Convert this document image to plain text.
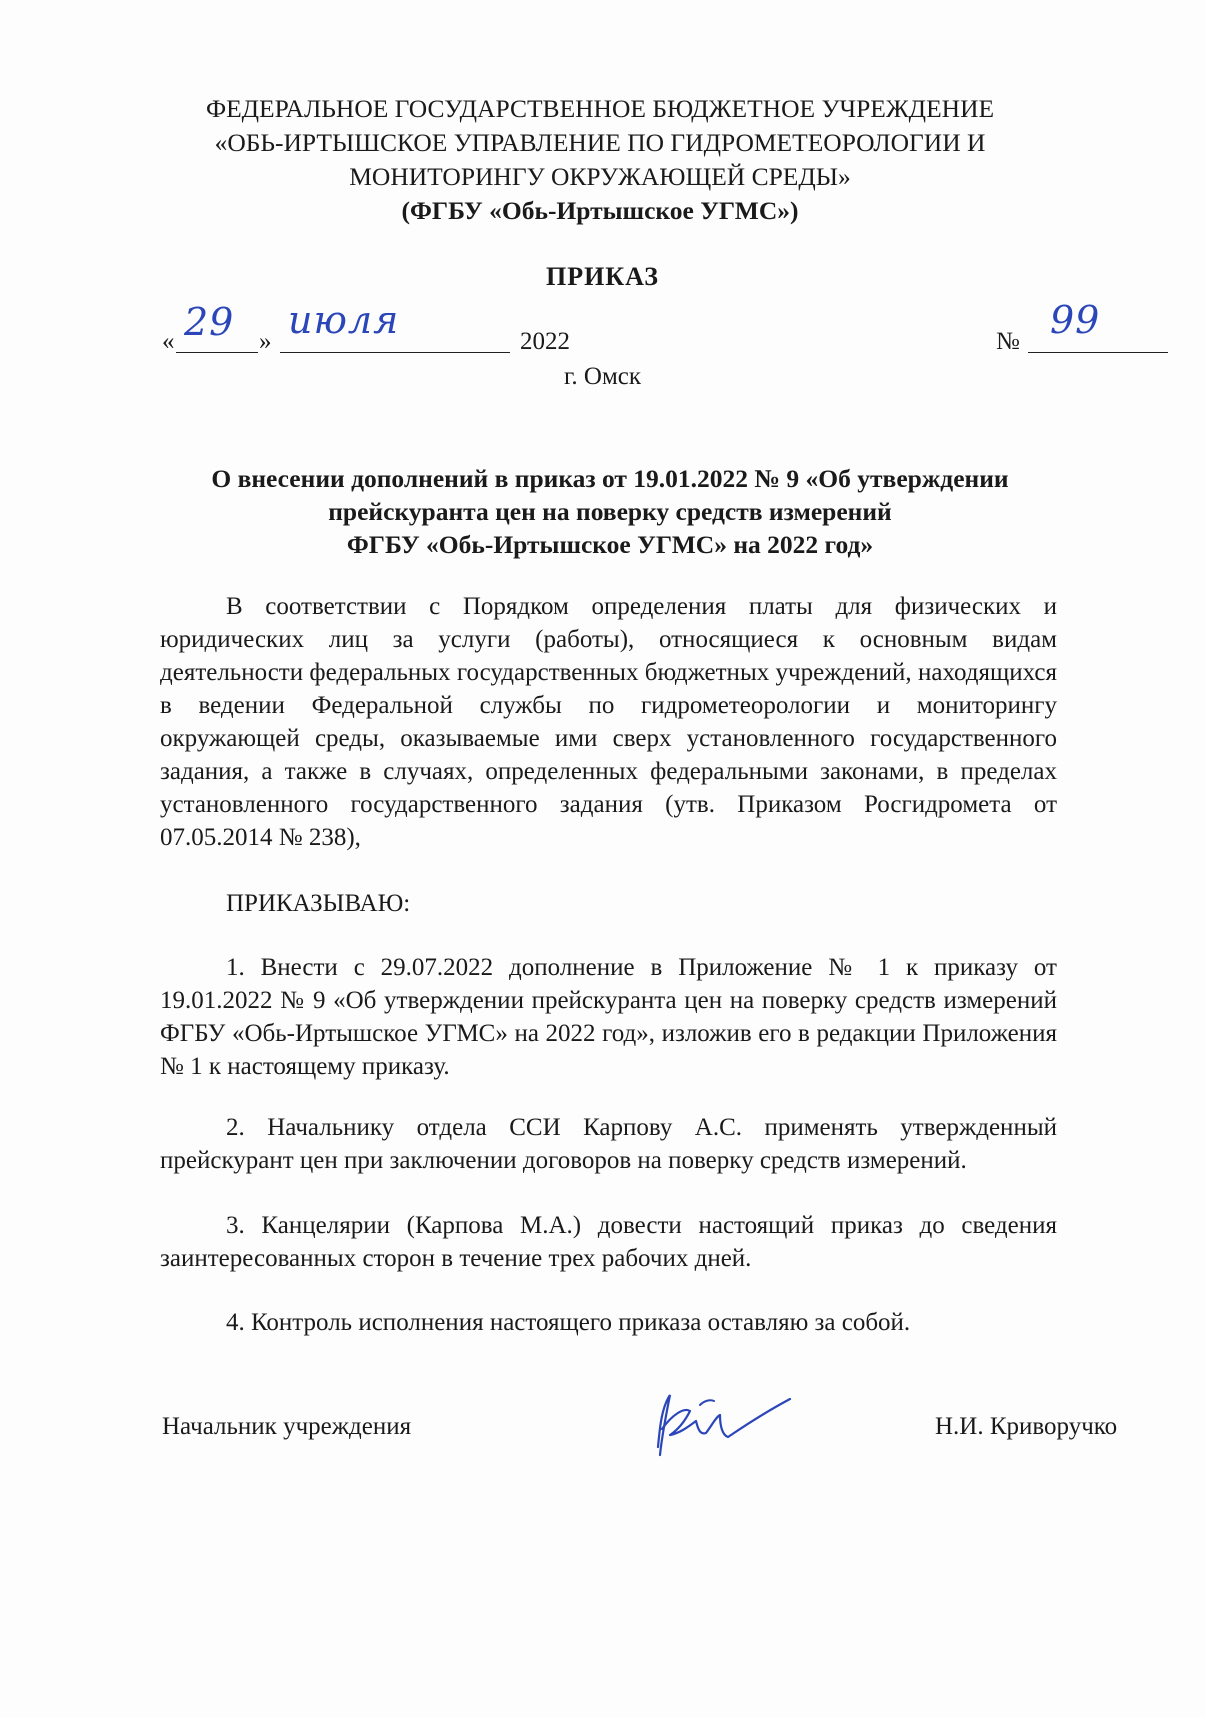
ФЕДЕРАЛЬНОЕ ГОСУДАРСТВЕННОЕ БЮДЖЕТНОЕ УЧРЕЖДЕНИЕ
«ОБЬ-ИРТЫШСКОЕ УПРАВЛЕНИЕ ПО ГИДРОМЕТЕОРОЛОГИИ И
МОНИТОРИНГУ ОКРУЖАЮЩЕЙ СРЕДЫ»
(ФГБУ «Обь-Иртышское УГМС»)
ПРИКАЗ
« 29 » июля	2022	№ 99
г. Омск
О внесении дополнений в приказ от 19.01.2022 № 9 «Об утверждении
прейскуранта цен на поверку средств измерений
ФГБУ «Обь-Иртышское УГМС» на 2022 год»
В соответствии с Порядком определения платы для физических и юридических лиц за услуги (работы), относящиеся к основным видам деятельности федеральных государственных бюджетных учреждений, находящихся в ведении Федеральной службы по гидрометеорологии и мониторингу окружающей среды, оказываемые ими сверх установленного государственного задания, а также в случаях, определенных федеральными законами, в пределах установленного государственного задания (утв. Приказом Росгидромета от 07.05.2014 № 238),
ПРИКАЗЫВАЮ:
1. Внести с 29.07.2022 дополнение в Приложение № 1 к приказу от 19.01.2022 № 9 «Об утверждении прейскуранта цен на поверку средств измерений ФГБУ «Обь-Иртышское УГМС» на 2022 год», изложив его в редакции Приложения № 1 к настоящему приказу.
2. Начальнику отдела ССИ Карпову А.С. применять утвержденный прейскурант цен при заключении договоров на поверку средств измерений.
3. Канцелярии (Карпова М.А.) довести настоящий приказ до сведения заинтересованных сторон в течение трех рабочих дней.
4. Контроль исполнения настоящего приказа оставляю за собой.
Начальник учреждения	Н.И. Криворучко
